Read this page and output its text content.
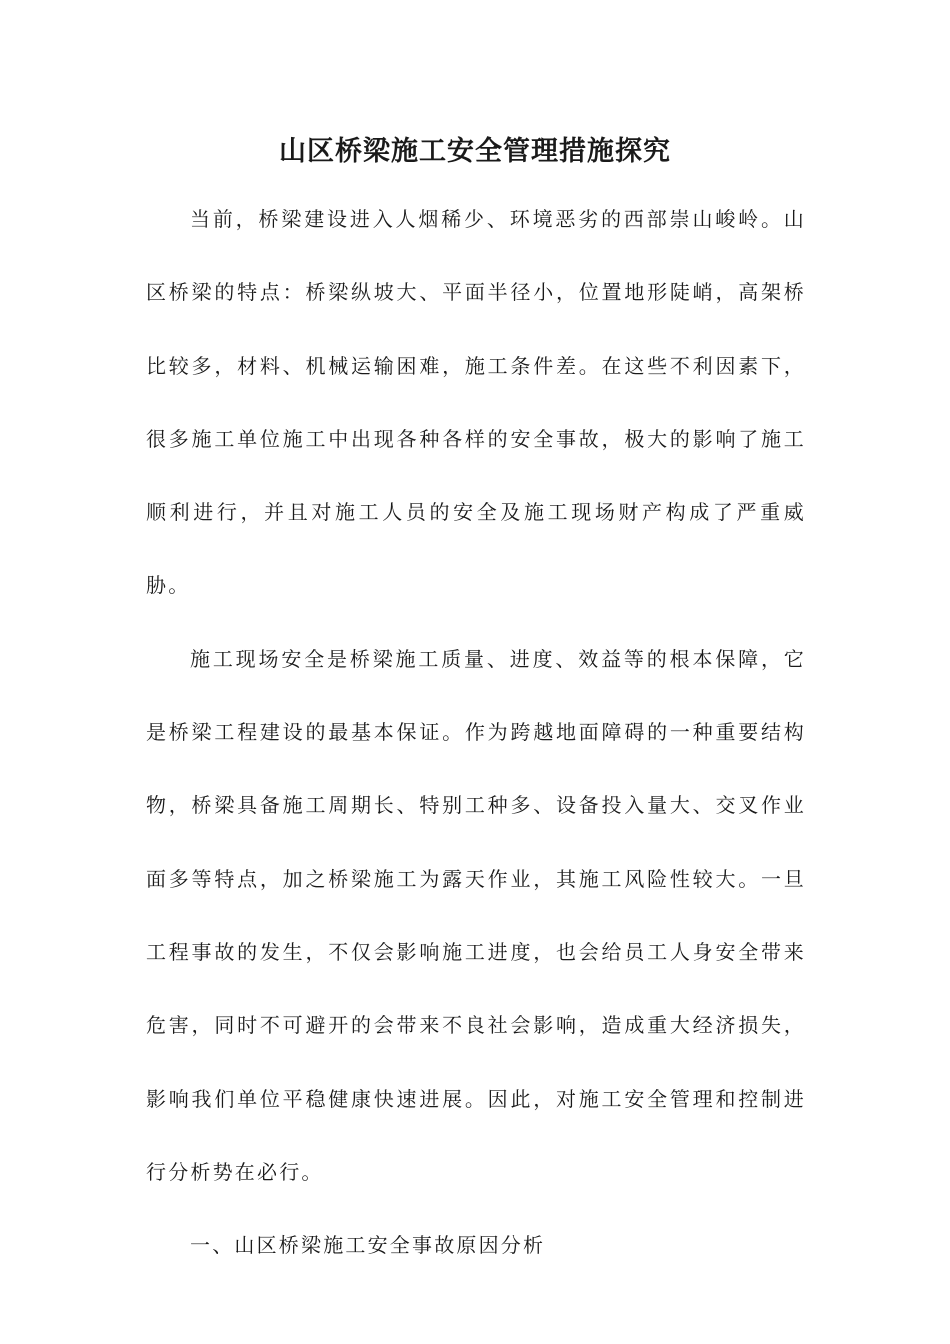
山区桥梁施工安全管理措施探究

当前，桥梁建设进入人烟稀少、环境恶劣的西部崇山峻岭。山区桥梁的特点：桥梁纵坡大、平面半径小，位置地形陡峭，高架桥比较多，材料、机械运输困难，施工条件差。在这些不利因素下，很多施工单位施工中出现各种各样的安全事故，极大的影响了施工顺利进行，并且对施工人员的安全及施工现场财产构成了严重威胁。

施工现场安全是桥梁施工质量、进度、效益等的根本保障，它是桥梁工程建设的最基本保证。作为跨越地面障碍的一种重要结构物，桥梁具备施工周期长、特别工种多、设备投入量大、交叉作业面多等特点，加之桥梁施工为露天作业，其施工风险性较大。一旦工程事故的发生，不仅会影响施工进度，也会给员工人身安全带来危害，同时不可避开的会带来不良社会影响，造成重大经济损失，影响我们单位平稳健康快速进展。因此，对施工安全管理和控制进行分析势在必行。

一、山区桥梁施工安全事故原因分析
